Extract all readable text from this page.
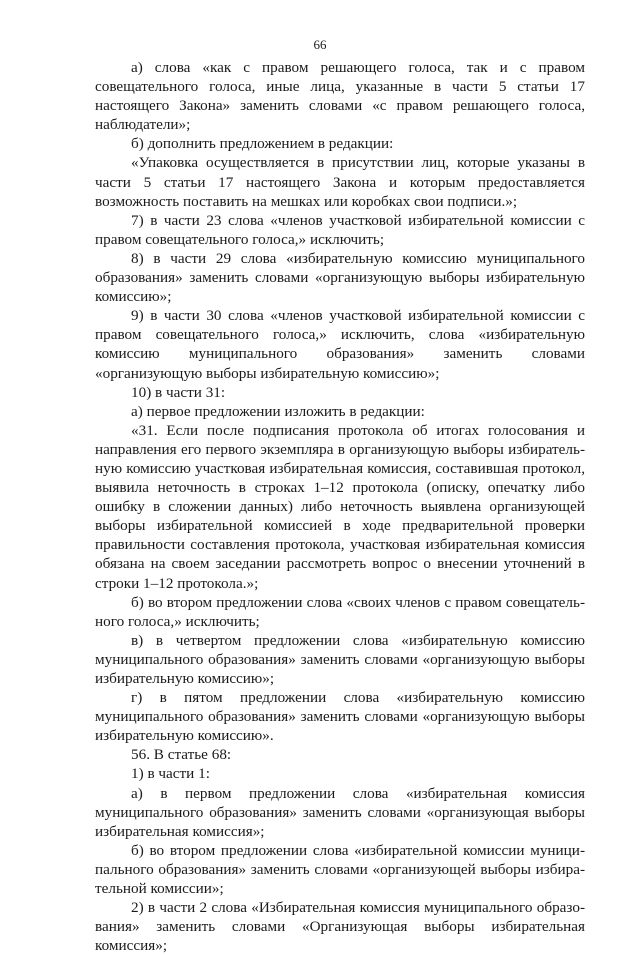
66

а) слова «как с правом решающего голоса, так и с правом совещательного голоса, иные лица, указанные в части 5 статьи 17 настоящего Закона» заменить словами «с правом решающего голоса, наблюдатели»;

б) дополнить предложением в редакции:

«Упаковка осуществляется в присутствии лиц, которые указаны в части 5 статьи 17 настоящего Закона и которым предоставляется возможность поставить на мешках или коробках свои подписи.»;

7) в части 23 слова «членов участковой избирательной комиссии с правом совещательного голоса,» исключить;

8) в части 29 слова «избирательную комиссию муниципального образования» заменить словами «организующую выборы избирательную комиссию»;

9) в части 30 слова «членов участковой избирательной комиссии с правом совещательного голоса,» исключить, слова «избирательную комиссию муниципального образования» заменить словами «организующую выборы избирательную комиссию»;

10) в части 31:

а) первое предложении изложить в редакции:

«31. Если после подписания протокола об итогах голосования и направления его первого экземпляра в организующую выборы избирательную комиссию участковая избирательная комиссия, составившая протокол, выявила неточность в строках 1–12 протокола (описку, опечатку либо ошибку в сложении данных) либо неточность выявлена организующей выборы избирательной комиссией в ходе предварительной проверки правильности составления протокола, участковая избирательная комиссия обязана на своем заседании рассмотреть вопрос о внесении уточнений в строки 1–12 протокола.»;

б) во втором предложении слова «своих членов с правом совещательного голоса,» исключить;

в) в четвертом предложении слова «избирательную комиссию муниципального образования» заменить словами «организующую выборы избирательную комиссию»;

г) в пятом предложении слова «избирательную комиссию муниципального образования» заменить словами «организующую выборы избирательную комиссию».

56. В статье 68:

1) в части 1:

а) в первом предложении слова «избирательная комиссия муниципального образования» заменить словами «организующая выборы избирательная комиссия»;

б) во втором предложении слова «избирательной комиссии муниципального образования» заменить словами «организующей выборы избирательной комиссии»;

2) в части 2 слова «Избирательная комиссия муниципального образования» заменить словами «Организующая выборы избирательная комиссия»;
